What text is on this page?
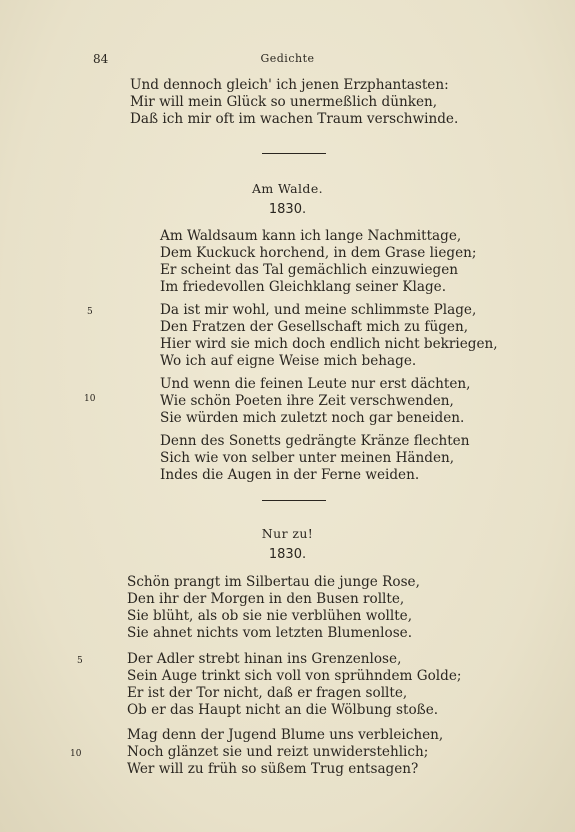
84	Gedichte
Und dennoch gleich' ich jenen Erzphantasten:
Mir will mein Glück so unermeßlich dünken,
Daß ich mir oft im wachen Traum verschwinde.
Am Walde.
1830.
Am Waldsaum kann ich lange Nachmittage,
Dem Kuckuck horchend, in dem Grase liegen;
Er scheint das Tal gemächlich einzuwiegen
Im friedevollen Gleichklang seiner Klage.
5	Da ist mir wohl, und meine schlimmste Plage,
Den Fratzen der Gesellschaft mich zu fügen,
Hier wird sie mich doch endlich nicht bekriegen,
Wo ich auf eigne Weise mich behage.
10
Und wenn die feinen Leute nur erst dächten,
Wie schön Poeten ihre Zeit verschwenden,
Sie würden mich zuletzt noch gar beneiden.
Denn des Sonetts gedrängte Kränze flechten
Sich wie von selber unter meinen Händen,
Indes die Augen in der Ferne weiden.
Nur zu!
1830.
Schön prangt im Silbertau die junge Rose,
Den ihr der Morgen in den Busen rollte,
Sie blüht, als ob sie nie verblühen wollte,
Sie ahnet nichts vom letzten Blumenlose.
5	Der Adler strebt hinan ins Grenzenlose,
Sein Auge trinkt sich voll von sprühndem Golde;
Er ist der Tor nicht, daß er fragen sollte,
Ob er das Haupt nicht an die Wölbung stoße.
10
Mag denn der Jugend Blume uns verbleichen,
Noch glänzet sie und reizt unwiderstehlich;
Wer will zu früh so süßem Trug entsagen?
